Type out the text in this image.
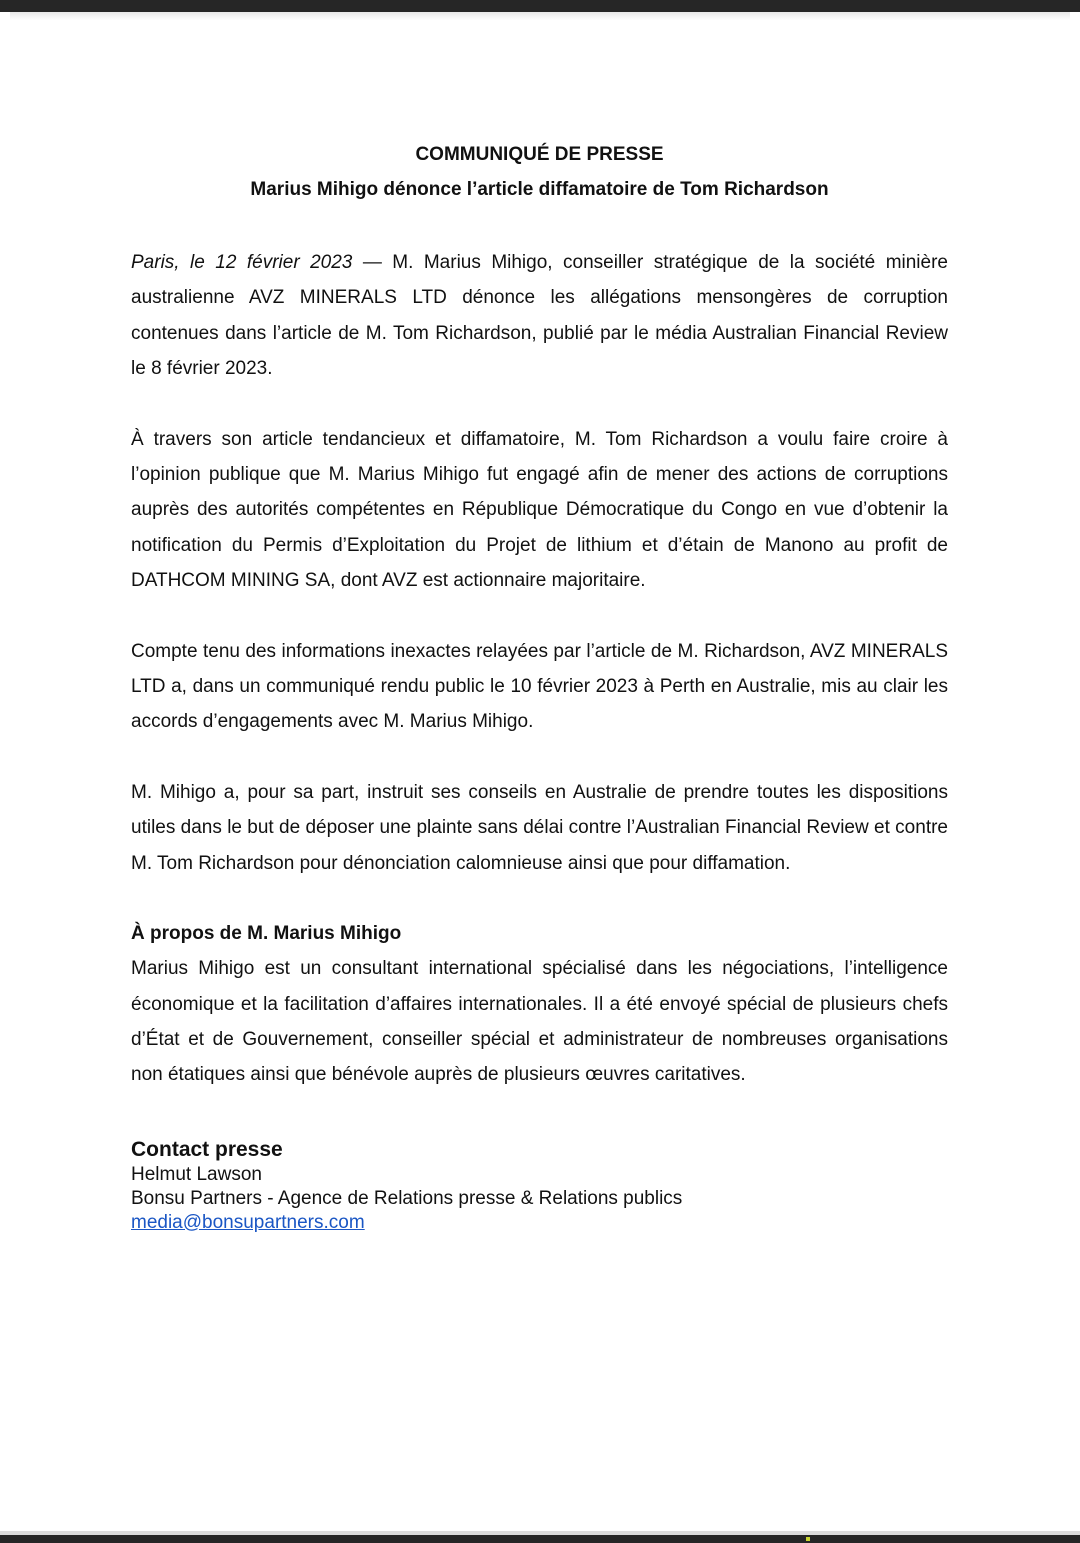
COMMUNIQUÉ DE PRESSE

Marius Mihigo dénonce l’article diffamatoire de Tom Richardson

Paris, le 12 février 2023 — M. Marius Mihigo, conseiller stratégique de la société minière australienne AVZ MINERALS LTD dénonce les allégations mensongères de corruption contenues dans l’article de M. Tom Richardson, publié par le média Australian Financial Review le 8 février 2023.

À travers son article tendancieux et diffamatoire, M. Tom Richardson a voulu faire croire à l’opinion publique que M. Marius Mihigo fut engagé afin de mener des actions de corruptions auprès des autorités compétentes en République Démocratique du Congo en vue d’obtenir la notification du Permis d’Exploitation du Projet de lithium et d’étain de Manono au profit de DATHCOM MINING SA, dont AVZ est actionnaire majoritaire.

Compte tenu des informations inexactes relayées par l’article de M. Richardson, AVZ MINERALS LTD a, dans un communiqué rendu public le 10 février 2023 à Perth en Australie, mis au clair les accords d’engagements avec M. Marius Mihigo.

M. Mihigo a, pour sa part, instruit ses conseils en Australie de prendre toutes les dispositions utiles dans le but de déposer une plainte sans délai contre l’Australian Financial Review et contre M. Tom Richardson pour dénonciation calomnieuse ainsi que pour diffamation.

À propos de M. Marius Mihigo

Marius Mihigo est un consultant international spécialisé dans les négociations, l’intelligence économique et la facilitation d’affaires internationales. Il a été envoyé spécial de plusieurs chefs d’État et de Gouvernement, conseiller spécial et administrateur de nombreuses organisations non étatiques ainsi que bénévole auprès de plusieurs œuvres caritatives.

Contact presse

Helmut Lawson

Bonsu Partners - Agence de Relations presse & Relations publics

media@bonsupartners.com
